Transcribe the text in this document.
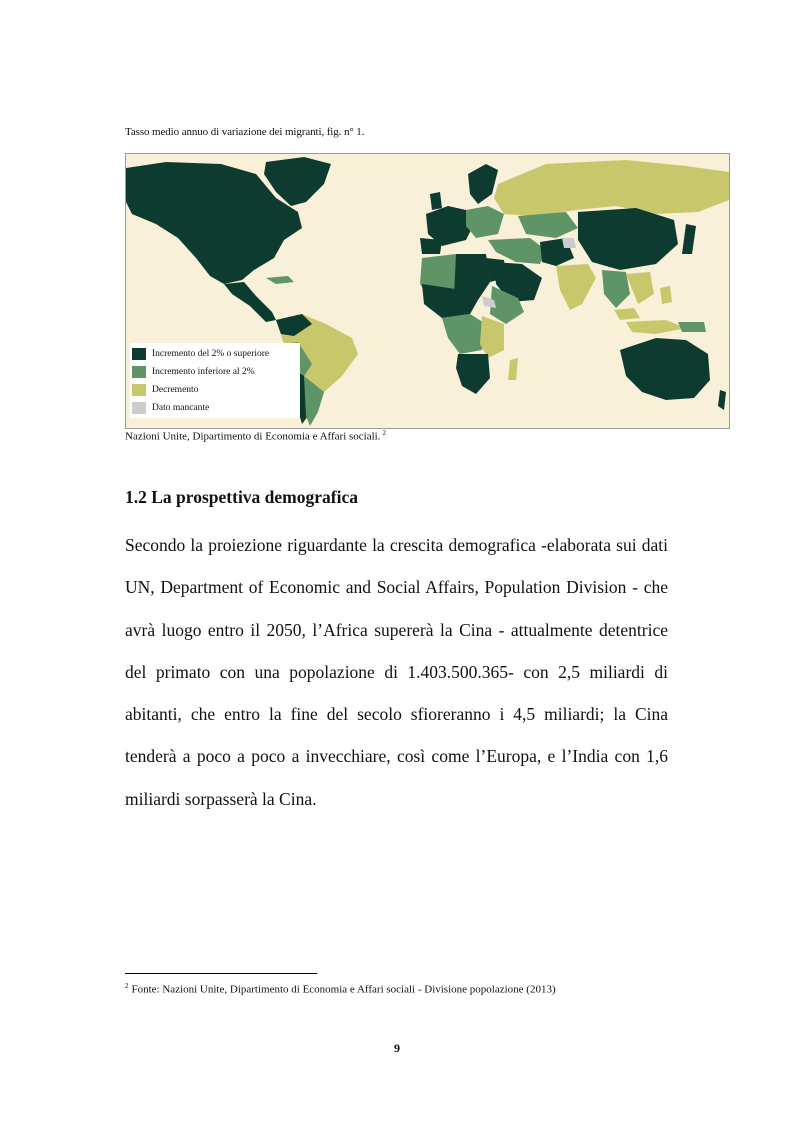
Tasso medio annuo di variazione dei migranti, fig. n° 1.
Incremento del 2% o superiore
Incremento inferiore al 2%
Decremento
Dato mancante
Nazioni Unite, Dipartimento di Economia e Affari sociali. $^2$
1.2 La prospettiva demografica
Secondo la proiezione riguardante la crescita demografica -elaborata sui dati UN, Department of Economic and Social Affairs, Population Division - che avrà luogo entro il 2050, l’Africa supererà la Cina - attualmente detentrice del primato con una popolazione di 1.403.500.365- con 2,5 miliardi di abitanti, che entro la fine del secolo sfioreranno i 4,5 miliardi; la Cina tenderà a poco a poco a invecchiare, così come l’Europa, e l’India con 1,6 miliardi sorpasserà la Cina.
$^2$ Fonte: Nazioni Unite, Dipartimento di Economia e Affari sociali - Divisione popolazione (2013)
9
